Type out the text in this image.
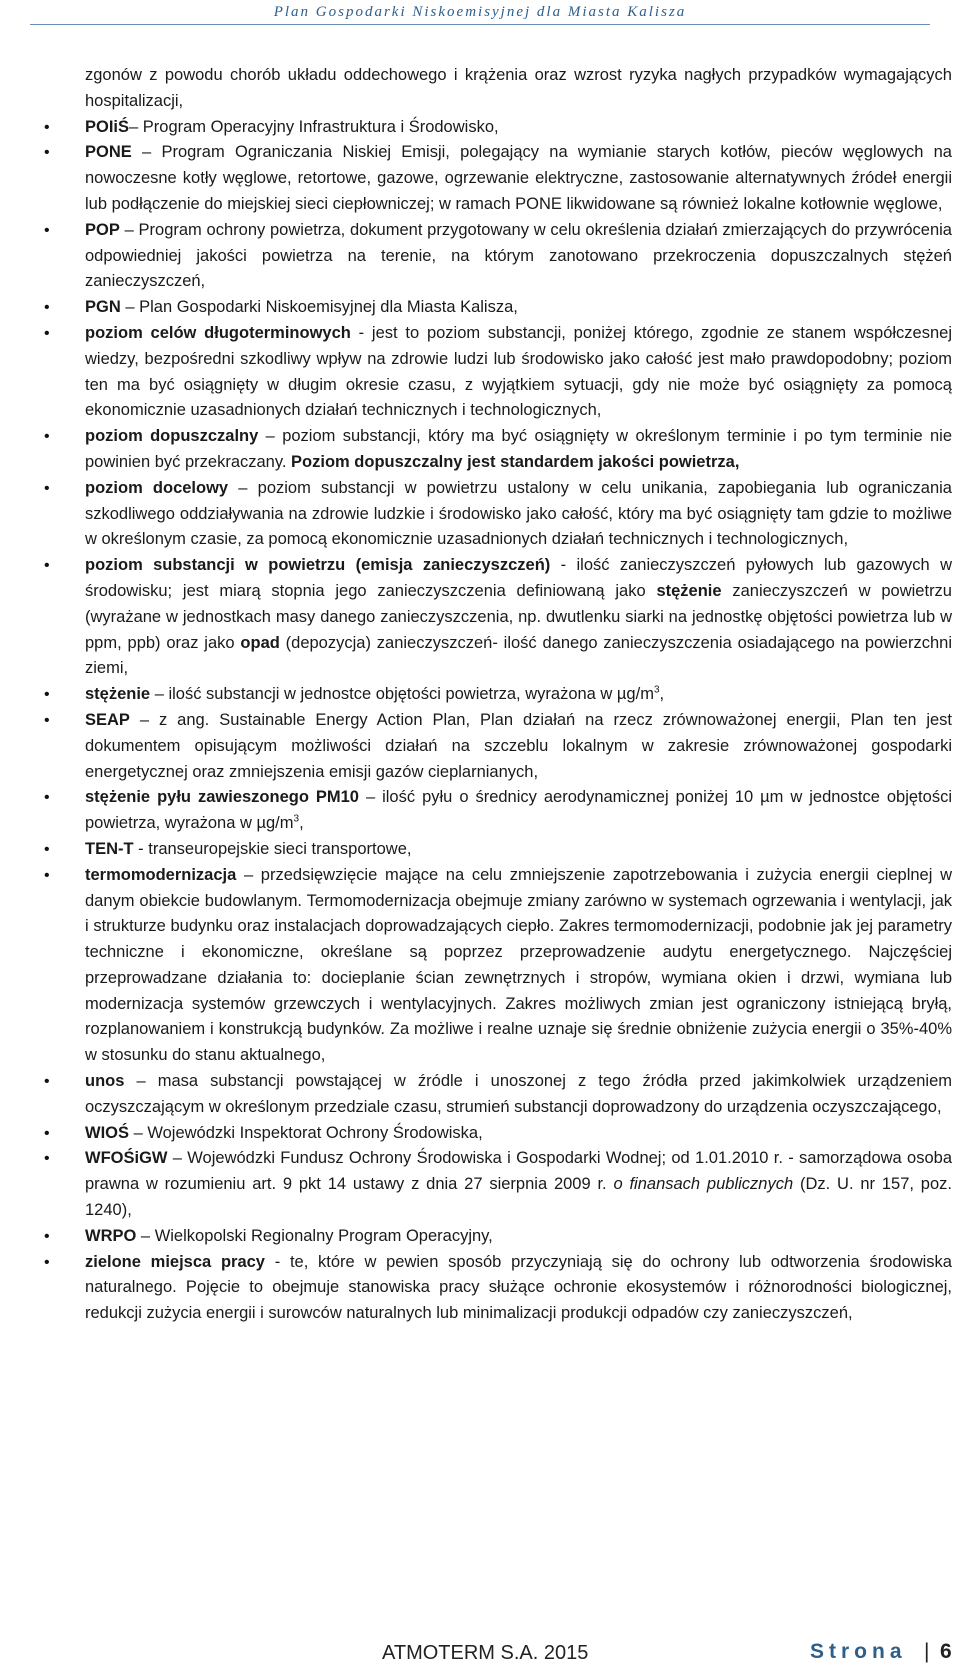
Plan Gospodarki Niskoemisyjnej dla Miasta Kalisza

zgonów z powodu chorób układu oddechowego i krążenia oraz wzrost ryzyka nagłych przypadków wymagających hospitalizacji,

• POIiŚ– Program Operacyjny Infrastruktura i Środowisko,

• PONE – Program Ograniczania Niskiej Emisji, polegający na wymianie starych kotłów, pieców węglowych na nowoczesne kotły węglowe, retortowe, gazowe, ogrzewanie elektryczne, zastosowanie alternatywnych źródeł energii lub podłączenie do miejskiej sieci ciepłowniczej; w ramach PONE likwidowane są również lokalne kotłownie węglowe,

• POP – Program ochrony powietrza, dokument przygotowany w celu określenia działań zmierzających do przywrócenia odpowiedniej jakości powietrza na terenie, na którym zanotowano przekroczenia dopuszczalnych stężeń zanieczyszczeń,

• PGN – Plan Gospodarki Niskoemisyjnej dla Miasta Kalisza,

• poziom celów długoterminowych - jest to poziom substancji, poniżej którego, zgodnie ze stanem współczesnej wiedzy, bezpośredni szkodliwy wpływ na zdrowie ludzi lub środowisko jako całość jest mało prawdopodobny; poziom ten ma być osiągnięty w długim okresie czasu, z wyjątkiem sytuacji, gdy nie może być osiągnięty za pomocą ekonomicznie uzasadnionych działań technicznych i technologicznych,

• poziom dopuszczalny – poziom substancji, który ma być osiągnięty w określonym terminie i po tym terminie nie powinien być przekraczany. Poziom dopuszczalny jest standardem jakości powietrza,

• poziom docelowy – poziom substancji w powietrzu ustalony w celu unikania, zapobiegania lub ograniczania szkodliwego oddziaływania na zdrowie ludzkie i środowisko jako całość, który ma być osiągnięty tam gdzie to możliwe w określonym czasie, za pomocą ekonomicznie uzasadnionych działań technicznych i technologicznych,

• poziom substancji w powietrzu (emisja zanieczyszczeń) - ilość zanieczyszczeń pyłowych lub gazowych w środowisku; jest miarą stopnia jego zanieczyszczenia definiowaną jako stężenie zanieczyszczeń w powietrzu (wyrażane w jednostkach masy danego zanieczyszczenia, np. dwutlenku siarki na jednostkę objętości powietrza lub w ppm, ppb) oraz jako opad (depozycja) zanieczyszczeń- ilość danego zanieczyszczenia osiadającego na powierzchni ziemi,

• stężenie – ilość substancji w jednostce objętości powietrza, wyrażona w $\mu g/m^3$,

• SEAP – z ang. Sustainable Energy Action Plan, Plan działań na rzecz zrównoważonej energii, Plan ten jest dokumentem opisującym możliwości działań na szczeblu lokalnym w zakresie zrównoważonej gospodarki energetycznej oraz zmniejszenia emisji gazów cieplarnianych,

• stężenie pyłu zawieszonego PM10 – ilość pyłu o średnicy aerodynamicznej poniżej 10 µm w jednostce objętości powietrza, wyrażona w $\mu g/m^3$,

• TEN-T - transeuropejskie sieci transportowe,

• termomodernizacja – przedsięwzięcie mające na celu zmniejszenie zapotrzebowania i zużycia energii cieplnej w danym obiekcie budowlanym. Termomodernizacja obejmuje zmiany zarówno w systemach ogrzewania i wentylacji, jak i strukturze budynku oraz instalacjach doprowadzających ciepło. Zakres termomodernizacji, podobnie jak jej parametry techniczne i ekonomiczne, określane są poprzez przeprowadzenie audytu energetycznego. Najczęściej przeprowadzane działania to: docieplanie ścian zewnętrznych i stropów, wymiana okien i drzwi, wymiana lub modernizacja systemów grzewczych i wentylacyjnych. Zakres możliwych zmian jest ograniczony istniejącą bryłą, rozplanowaniem i konstrukcją budynków. Za możliwe i realne uznaje się średnie obniżenie zużycia energii o 35%-40% w stosunku do stanu aktualnego,

• unos – masa substancji powstającej w źródle i unoszonej z tego źródła przed jakimkolwiek urządzeniem oczyszczającym w określonym przedziale czasu, strumień substancji doprowadzony do urządzenia oczyszczającego,

• WIOŚ – Wojewódzki Inspektorat Ochrony Środowiska,

• WFOŚiGW – Wojewódzki Fundusz Ochrony Środowiska i Gospodarki Wodnej; od 1.01.2010 r. - samorządowa osoba prawna w rozumieniu art. 9 pkt 14 ustawy z dnia 27 sierpnia 2009 r. o finansach publicznych (Dz. U. nr 157, poz. 1240),

• WRPO – Wielkopolski Regionalny Program Operacyjny,

• zielone miejsca pracy - te, które w pewien sposób przyczyniają się do ochrony lub odtworzenia środowiska naturalnego. Pojęcie to obejmuje stanowiska pracy służące ochronie ekosystemów i różnorodności biologicznej, redukcji zużycia energii i surowców naturalnych lub minimalizacji produkcji odpadów czy zanieczyszczeń,

ATMOTERM S.A. 2015	Strona | 6
